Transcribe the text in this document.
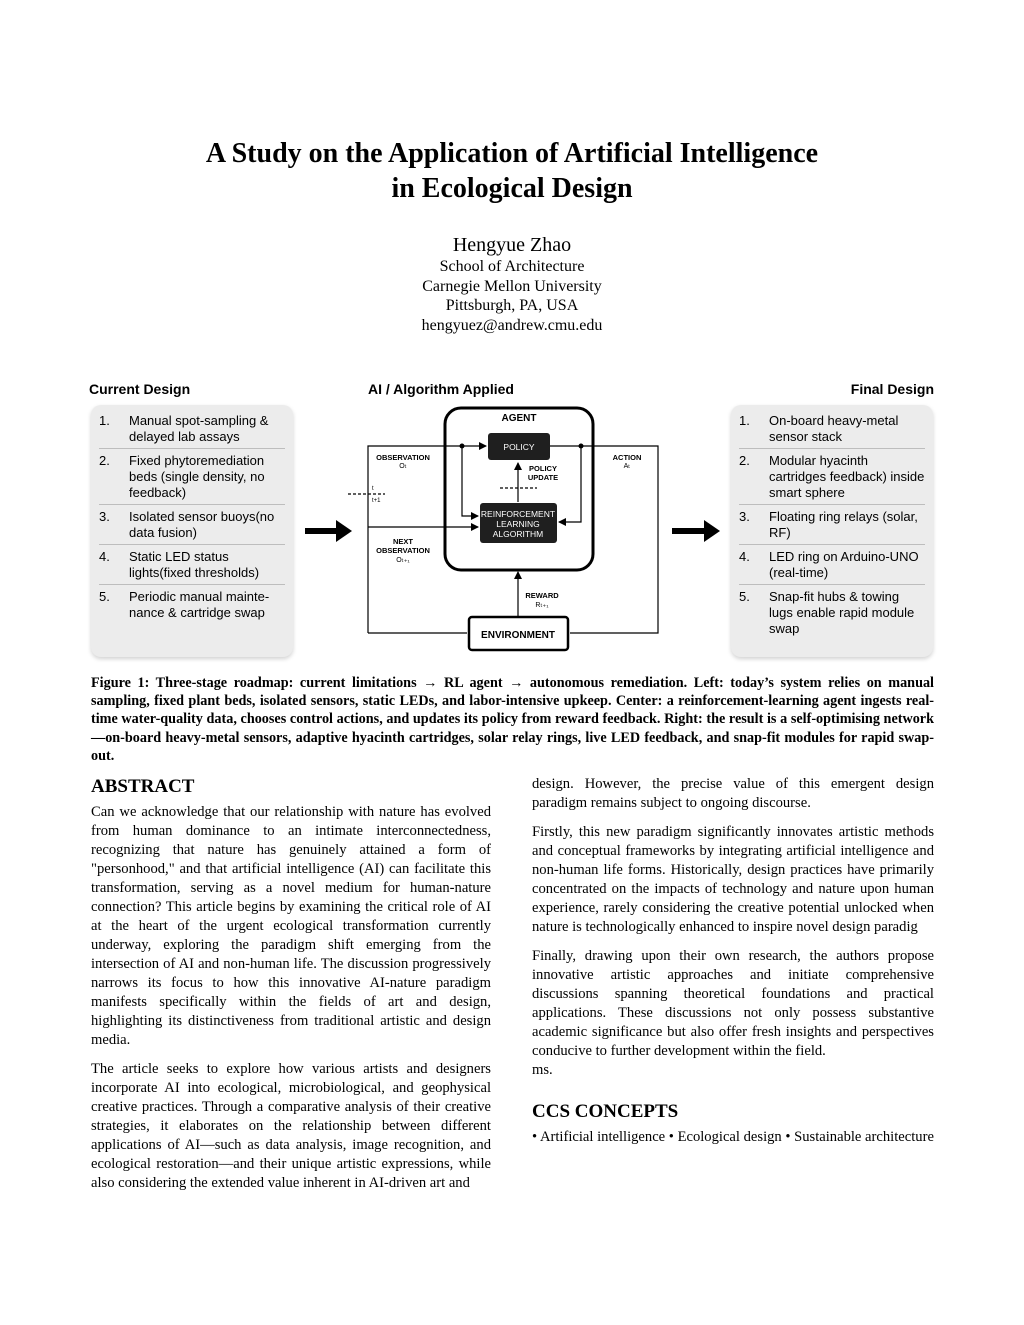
A Study on the Application of Artificial Intelligence
in Ecological Design
Hengyue Zhao
School of Architecture
Carnegie Mellon University
Pittsburgh, PA, USA
hengyuez@andrew.cmu.edu
Current Design	AI / Algorithm Applied	Final Design
1.	Manual spot-sampling & delayed lab assays
2.	Fixed phytoremediation beds (single density, no feedback)
3.	Isolated sensor buoys(no data fusion)
4.	Static LED status lights(fixed thresholds)
5.	Periodic manual mainte-nance & cartridge swap
1.	On-board heavy-metal sensor stack
2.	Modular hyacinth cartridges feedback) inside smart sphere
3.	Floating ring relays (solar, RF)
4.	LED ring on Arduino-UNO (real-time)
5.	Snap-fit hubs & towing lugs enable rapid module swap
AGENT
POLICY
REINFORCEMENT
LEARNING
ALGORITHM
ENVIRONMENT
OBSERVATION
Oₜ
ACTION
Aₜ
POLICY
UPDATE
NEXT
OBSERVATION
Oₜ₊₁
REWARD
Rₜ₊₁
t
t+1
Figure 1: Three-stage roadmap: current limitations → RL agent → autonomous remediation. Left: today’s system relies on manual sampling, fixed plant beds, isolated sensors, static LEDs, and labor-intensive upkeep. Center: a reinforcement-learning agent ingests real-time water-quality data, chooses control actions, and updates its policy from reward feedback. Right: the result is a self-optimising network—on-board heavy-metal sensors, adaptive hyacinth cartridges, solar relay rings, live LED feedback, and snap-fit modules for rapid swap-out.
ABSTRACT

Can we acknowledge that our relationship with nature has evolved from human dominance to an intimate interconnectedness, recognizing that nature has genuinely attained a form of "personhood," and that artificial intelligence (AI) can facilitate this transformation, serving as a novel medium for human-nature connection? This article begins by examining the critical role of AI at the heart of the urgent ecological transformation currently underway, exploring the paradigm shift emerging from the intersection of AI and non-human life. The discussion progressively narrows its focus to how this innovative AI-nature paradigm manifests specifically within the fields of art and design, highlighting its distinctiveness from traditional artistic and design media.

The article seeks to explore how various artists and designers incorporate AI into ecological, microbiological, and geophysical creative practices. Through a comparative analysis of their creative strategies, it elaborates on the relationship between different applications of AI—such as data analysis, image recognition, and ecological restoration—and their unique artistic expressions, while also considering the extended value inherent in AI-driven art and

design. However, the precise value of this emergent design paradigm remains subject to ongoing discourse.

Firstly, this new paradigm significantly innovates artistic methods and conceptual frameworks by integrating artificial intelligence and non-human life forms. Historically, design practices have primarily concentrated on the impacts of technology and nature upon human experience, rarely considering the creative potential unlocked when nature is technologically enhanced to inspire novel design paradig

Finally, drawing upon their own research, the authors propose innovative artistic approaches and initiate comprehensive discussions spanning theoretical foundations and practical applications. These discussions not only possess substantive academic significance but also offer fresh insights and perspectives conducive to further development within the field.

ms.

CCS CONCEPTS

• Artificial intelligence • Ecological design • Sustainable architecture
